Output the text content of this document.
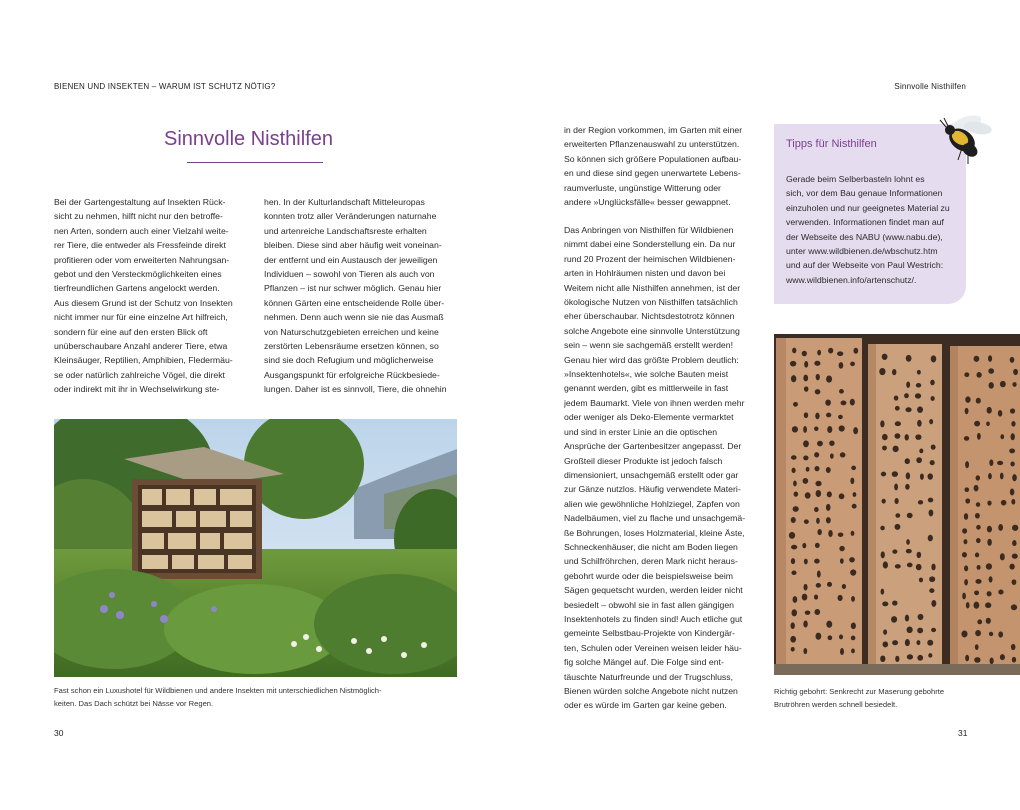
BIENEN UND INSEKTEN – WARUM IST SCHUTZ NÖTIG?
Sinnvolle Nisthilfen
Bei der Gartengestaltung auf Insekten Rück-
sicht zu nehmen, hilft nicht nur den betroffe-
nen Arten, sondern auch einer Vielzahl weite-
rer Tiere, die entweder als Fressfeinde direkt
profitieren oder vom erweiterten Nahrungsan-
gebot und den Versteckmöglichkeiten eines
tierfreundlichen Gartens angelockt werden.
Aus diesem Grund ist der Schutz von Insekten
nicht immer nur für eine einzelne Art hilfreich,
sondern für eine auf den ersten Blick oft
unüberschaubare Anzahl anderer Tiere, etwa
Kleinsäuger, Reptilien, Amphibien, Fledermäu-
se oder natürlich zahlreiche Vögel, die direkt
oder indirekt mit ihr in Wechselwirkung ste-
hen. In der Kulturlandschaft Mitteleuropas
konnten trotz aller Veränderungen naturnahe
und artenreiche Landschaftsreste erhalten
bleiben. Diese sind aber häufig weit voneinan-
der entfernt und ein Austausch der jeweiligen
Individuen – sowohl von Tieren als auch von
Pflanzen – ist nur schwer möglich. Genau hier
können Gärten eine entscheidende Rolle über-
nehmen. Denn auch wenn sie nie das Ausmaß
von Naturschutzgebieten erreichen und keine
zerstörten Lebensräume ersetzen können, so
sind sie doch Refugium und möglicherweise
Ausgangspunkt für erfolgreiche Rückbesiede-
lungen. Daher ist es sinnvoll, Tiere, die ohnehin
Fast schon ein Luxushotel für Wildbienen und andere Insekten mit unterschiedlichen Nistmöglich-
keiten. Das Dach schützt bei Nässe vor Regen.
30
Sinnvolle Nisthilfen
in der Region vorkommen, im Garten mit einer
erweiterten Pflanzenauswahl zu unterstützen.
So können sich größere Populationen aufbau-
en und diese sind gegen unerwartete Lebens-
raumverluste, ungünstige Witterung oder
andere »Unglücksfälle« besser gewappnet.
Das Anbringen von Nisthilfen für Wildbienen
nimmt dabei eine Sonderstellung ein. Da nur
rund 20 Prozent der heimischen Wildbienen-
arten in Hohlräumen nisten und davon bei
Weitem nicht alle Nisthilfen annehmen, ist der
ökologische Nutzen von Nisthilfen tatsächlich
eher überschaubar. Nichtsdestotrotz können
solche Angebote eine sinnvolle Unterstützung
sein – wenn sie sachgemäß erstellt werden!
Genau hier wird das größte Problem deutlich:
»Insektenhotels«, wie solche Bauten meist
genannt werden, gibt es mittlerweile in fast
jedem Baumarkt. Viele von ihnen werden mehr
oder weniger als Deko-Elemente vermarktet
und sind in erster Linie an die optischen
Ansprüche der Gartenbesitzer angepasst. Der
Großteil dieser Produkte ist jedoch falsch
dimensioniert, unsachgemäß erstellt oder gar
zur Gänze nutzlos. Häufig verwendete Materi-
alien wie gewöhnliche Hohlziegel, Zapfen von
Nadelbäumen, viel zu flache und unsachgemä-
ße Bohrungen, loses Holzmaterial, kleine Äste,
Schneckenhäuser, die nicht am Boden liegen
und Schilfröhrchen, deren Mark nicht heraus-
gebohrt wurde oder die beispielsweise beim
Sägen gequetscht wurden, werden leider nicht
besiedelt – obwohl sie in fast allen gängigen
Insektenhotels zu finden sind! Auch etliche gut
gemeinte Selbstbau-Projekte von Kindergär-
ten, Schulen oder Vereinen weisen leider häu-
fig solche Mängel auf. Die Folge sind ent-
täuschte Naturfreunde und der Trugschluss,
Bienen würden solche Angebote nicht nutzen
oder es würde im Garten gar keine geben.
Tipps für Nisthilfen
Gerade beim Selberbasteln lohnt es
sich, vor dem Bau genaue Informationen
einzuholen und nur geeignetes Material zu
verwenden. Informationen findet man auf
der Webseite des NABU (www.nabu.de),
unter www.wildbienen.de/wbschutz.htm
und auf der Webseite von Paul Westrich:
www.wildbienen.info/artenschutz/.
Richtig gebohrt: Senkrecht zur Maserung gebohrte
Brutröhren werden schnell besiedelt.
31
